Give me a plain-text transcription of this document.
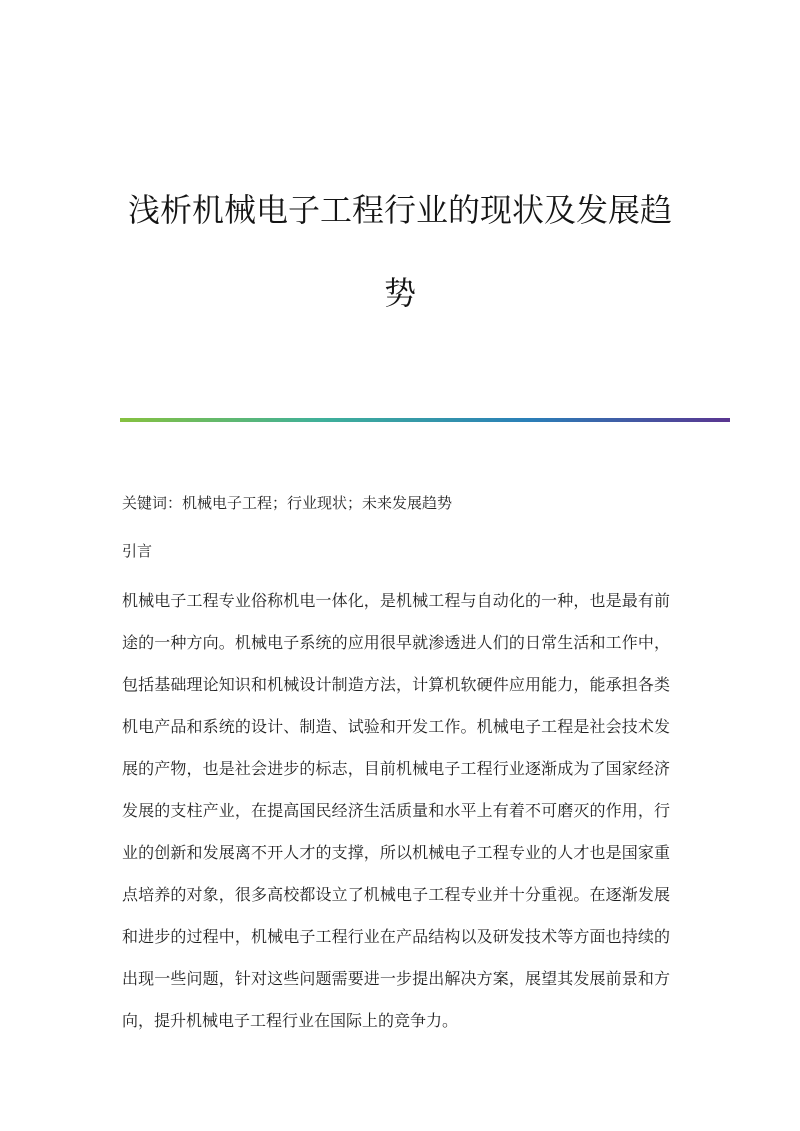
浅析机械电子工程行业的现状及发展趋势
关键词：机械电子工程；行业现状；未来发展趋势
引言
机械电子工程专业俗称机电一体化，是机械工程与自动化的一种，也是最有前
途的一种方向。机械电子系统的应用很早就渗透进人们的日常生活和工作中，
包括基础理论知识和机械设计制造方法，计算机软硬件应用能力，能承担各类
机电产品和系统的设计、制造、试验和开发工作。机械电子工程是社会技术发
展的产物，也是社会进步的标志，目前机械电子工程行业逐渐成为了国家经济
发展的支柱产业，在提高国民经济生活质量和水平上有着不可磨灭的作用，行
业的创新和发展离不开人才的支撑，所以机械电子工程专业的人才也是国家重
点培养的对象，很多高校都设立了机械电子工程专业并十分重视。在逐渐发展
和进步的过程中，机械电子工程行业在产品结构以及研发技术等方面也持续的
出现一些问题，针对这些问题需要进一步提出解决方案，展望其发展前景和方
向，提升机械电子工程行业在国际上的竞争力。
